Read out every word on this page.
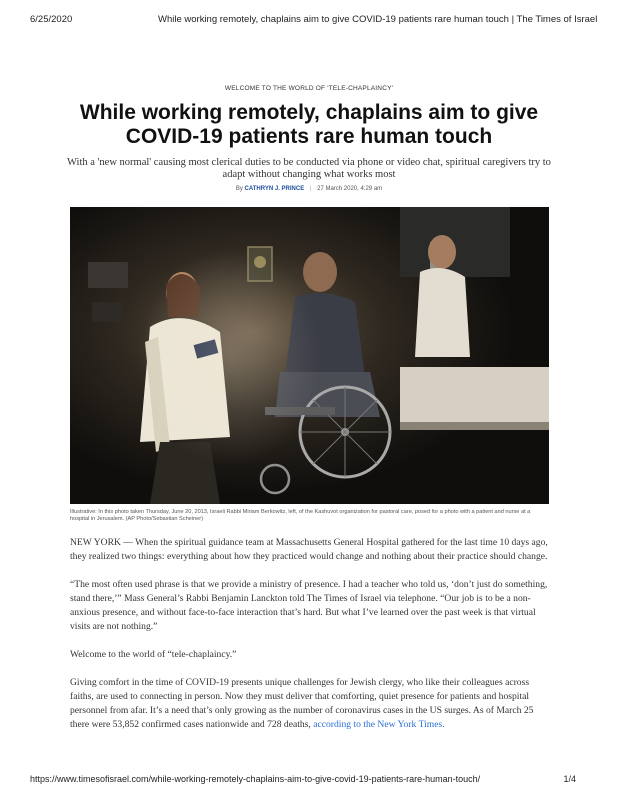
6/25/2020	While working remotely, chaplains aim to give COVID-19 patients rare human touch | The Times of Israel
WELCOME TO THE WORLD OF 'TELE-CHAPLAINCY'
While working remotely, chaplains aim to give
COVID-19 patients rare human touch
With a 'new normal' causing most clerical duties to be conducted via phone or video chat, spiritual caregivers try to adapt without changing what works most
By CATHRYN J. PRINCE | 27 March 2020, 4:29 am
Illustrative: In this photo taken Thursday, June 20, 2013, Israeli Rabbi Miriam Berkowitz, left, of the Kashuvot organization for pastoral care, posed for a photo with a patient and nurse at a hospital in Jerusalem. (AP Photo/Sebastian Scheiner)

NEW YORK — When the spiritual guidance team at Massachusetts General Hospital gathered for the last time 10 days ago, they realized two things: everything about how they practiced would change and nothing about their practice should change.

“The most often used phrase is that we provide a ministry of presence. I had a teacher who told us, ‘don’t just do something, stand there,’” Mass General’s Rabbi Benjamin Lanckton told The Times of Israel via telephone. “Our job is to be a non-anxious presence, and without face-to-face interaction that’s hard. But what I’ve learned over the past week is that virtual visits are not nothing.”

Welcome to the world of “tele-chaplaincy.”

Giving comfort in the time of COVID-19 presents unique challenges for Jewish clergy, who like their colleagues across faiths, are used to connecting in person. Now they must deliver that comforting, quiet presence for patients and hospital personnel from afar. It’s a need that’s only growing as the number of coronavirus cases in the US surges. As of March 25 there were 53,852 confirmed cases nationwide and 728 deaths, according to the New York Times.

https://www.timesofisrael.com/while-working-remotely-chaplains-aim-to-give-covid-19-patients-rare-human-touch/	1/4
